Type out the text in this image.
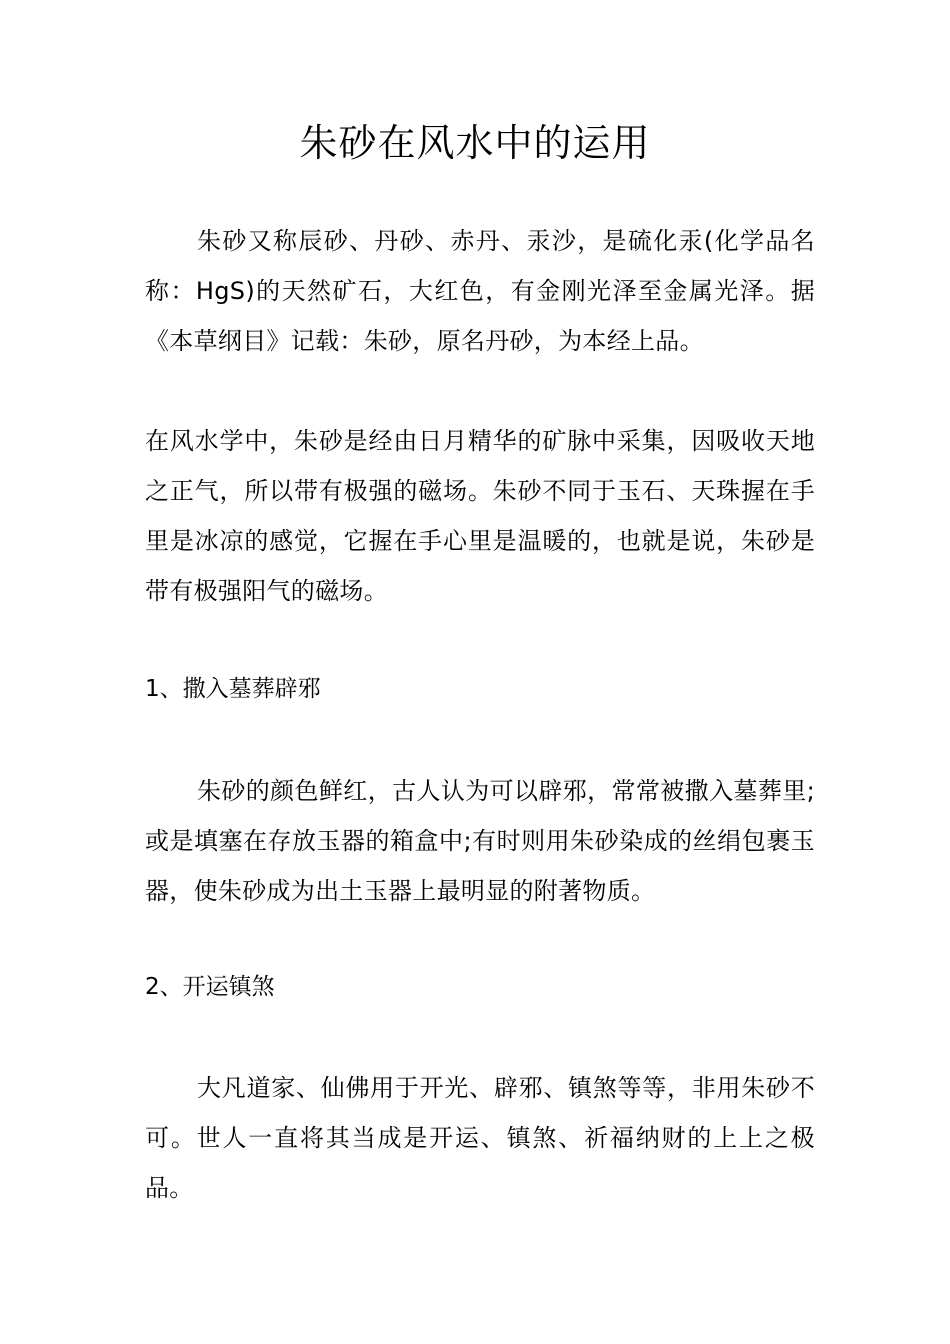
朱砂在风水中的运用

朱砂又称辰砂、丹砂、赤丹、汞沙，是硫化汞(化学品名称：HgS)的天然矿石，大红色，有金刚光泽至金属光泽。据《本草纲目》记载：朱砂，原名丹砂，为本经上品。

在风水学中，朱砂是经由日月精华的矿脉中采集，因吸收天地之正气，所以带有极强的磁场。朱砂不同于玉石、天珠握在手里是冰凉的感觉，它握在手心里是温暖的，也就是说，朱砂是带有极强阳气的磁场。

1、撒入墓葬辟邪

朱砂的颜色鲜红，古人认为可以辟邪，常常被撒入墓葬里;或是填塞在存放玉器的箱盒中;有时则用朱砂染成的丝绢包裹玉器，使朱砂成为出土玉器上最明显的附著物质。

2、开运镇煞

大凡道家、仙佛用于开光、辟邪、镇煞等等，非用朱砂不可。世人一直将其当成是开运、镇煞、祈福纳财的上上之极品。
